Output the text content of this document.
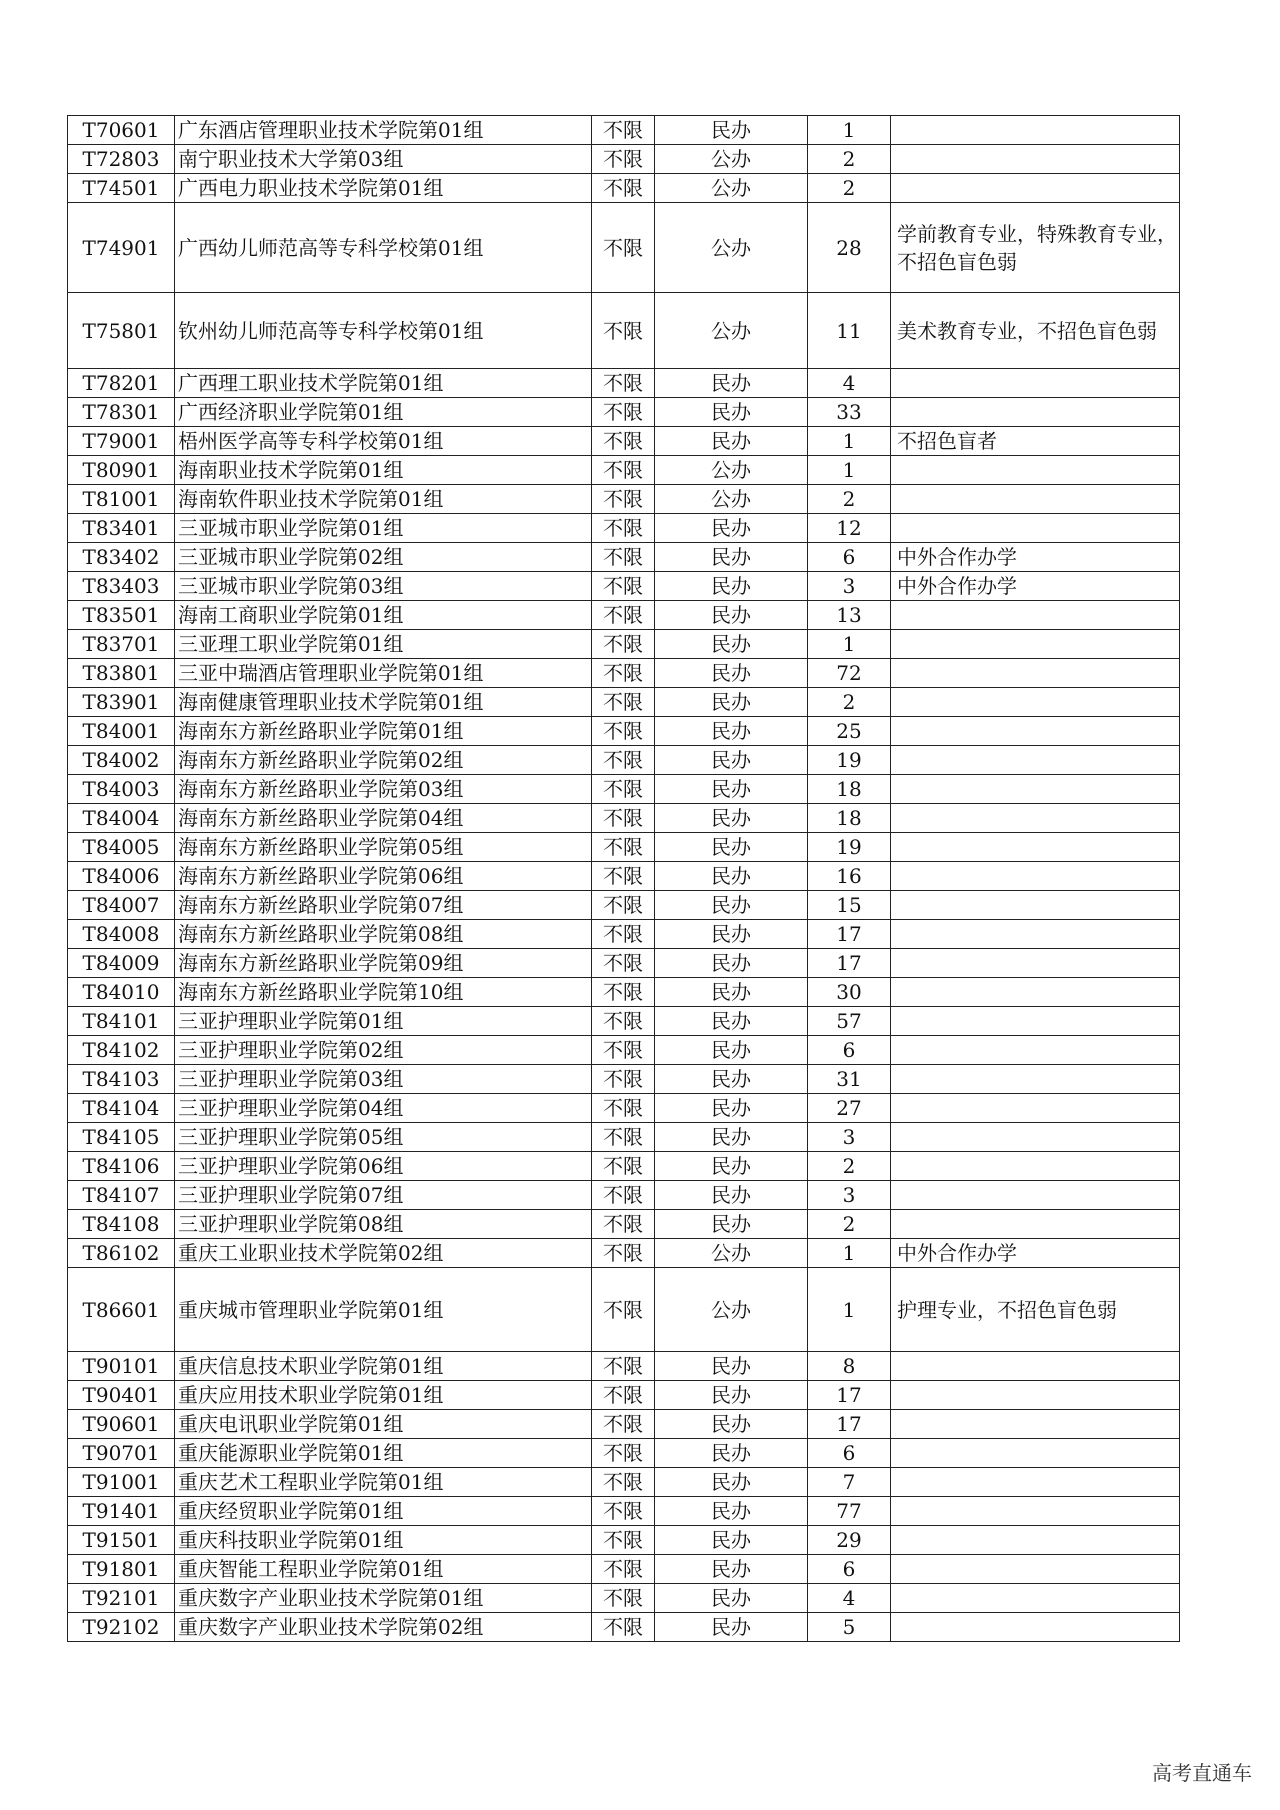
T70601	广东酒店管理职业技术学院第01组	不限	民办	1	
T72803	南宁职业技术大学第03组	不限	公办	2	
T74501	广西电力职业技术学院第01组	不限	公办	2	
T74901	广西幼儿师范高等专科学校第01组	不限	公办	28	学前教育专业，特殊教育专业，不招色盲色弱
T75801	钦州幼儿师范高等专科学校第01组	不限	公办	11	美术教育专业，不招色盲色弱
T78201	广西理工职业技术学院第01组	不限	民办	4	
T78301	广西经济职业学院第01组	不限	民办	33	
T79001	梧州医学高等专科学校第01组	不限	民办	1	不招色盲者
T80901	海南职业技术学院第01组	不限	公办	1	
T81001	海南软件职业技术学院第01组	不限	公办	2	
T83401	三亚城市职业学院第01组	不限	民办	12	
T83402	三亚城市职业学院第02组	不限	民办	6	中外合作办学
T83403	三亚城市职业学院第03组	不限	民办	3	中外合作办学
T83501	海南工商职业学院第01组	不限	民办	13	
T83701	三亚理工职业学院第01组	不限	民办	1	
T83801	三亚中瑞酒店管理职业学院第01组	不限	民办	72	
T83901	海南健康管理职业技术学院第01组	不限	民办	2	
T84001	海南东方新丝路职业学院第01组	不限	民办	25	
T84002	海南东方新丝路职业学院第02组	不限	民办	19	
T84003	海南东方新丝路职业学院第03组	不限	民办	18	
T84004	海南东方新丝路职业学院第04组	不限	民办	18	
T84005	海南东方新丝路职业学院第05组	不限	民办	19	
T84006	海南东方新丝路职业学院第06组	不限	民办	16	
T84007	海南东方新丝路职业学院第07组	不限	民办	15	
T84008	海南东方新丝路职业学院第08组	不限	民办	17	
T84009	海南东方新丝路职业学院第09组	不限	民办	17	
T84010	海南东方新丝路职业学院第10组	不限	民办	30	
T84101	三亚护理职业学院第01组	不限	民办	57	
T84102	三亚护理职业学院第02组	不限	民办	6	
T84103	三亚护理职业学院第03组	不限	民办	31	
T84104	三亚护理职业学院第04组	不限	民办	27	
T84105	三亚护理职业学院第05组	不限	民办	3	
T84106	三亚护理职业学院第06组	不限	民办	2	
T84107	三亚护理职业学院第07组	不限	民办	3	
T84108	三亚护理职业学院第08组	不限	民办	2	
T86102	重庆工业职业技术学院第02组	不限	公办	1	中外合作办学
T86601	重庆城市管理职业学院第01组	不限	公办	1	护理专业，不招色盲色弱
T90101	重庆信息技术职业学院第01组	不限	民办	8	
T90401	重庆应用技术职业学院第01组	不限	民办	17	
T90601	重庆电讯职业学院第01组	不限	民办	17	
T90701	重庆能源职业学院第01组	不限	民办	6	
T91001	重庆艺术工程职业学院第01组	不限	民办	7	
T91401	重庆经贸职业学院第01组	不限	民办	77	
T91501	重庆科技职业学院第01组	不限	民办	29	
T91801	重庆智能工程职业学院第01组	不限	民办	6	
T92101	重庆数字产业职业技术学院第01组	不限	民办	4	
T92102	重庆数字产业职业技术学院第02组	不限	民办	5	
高考直通车
